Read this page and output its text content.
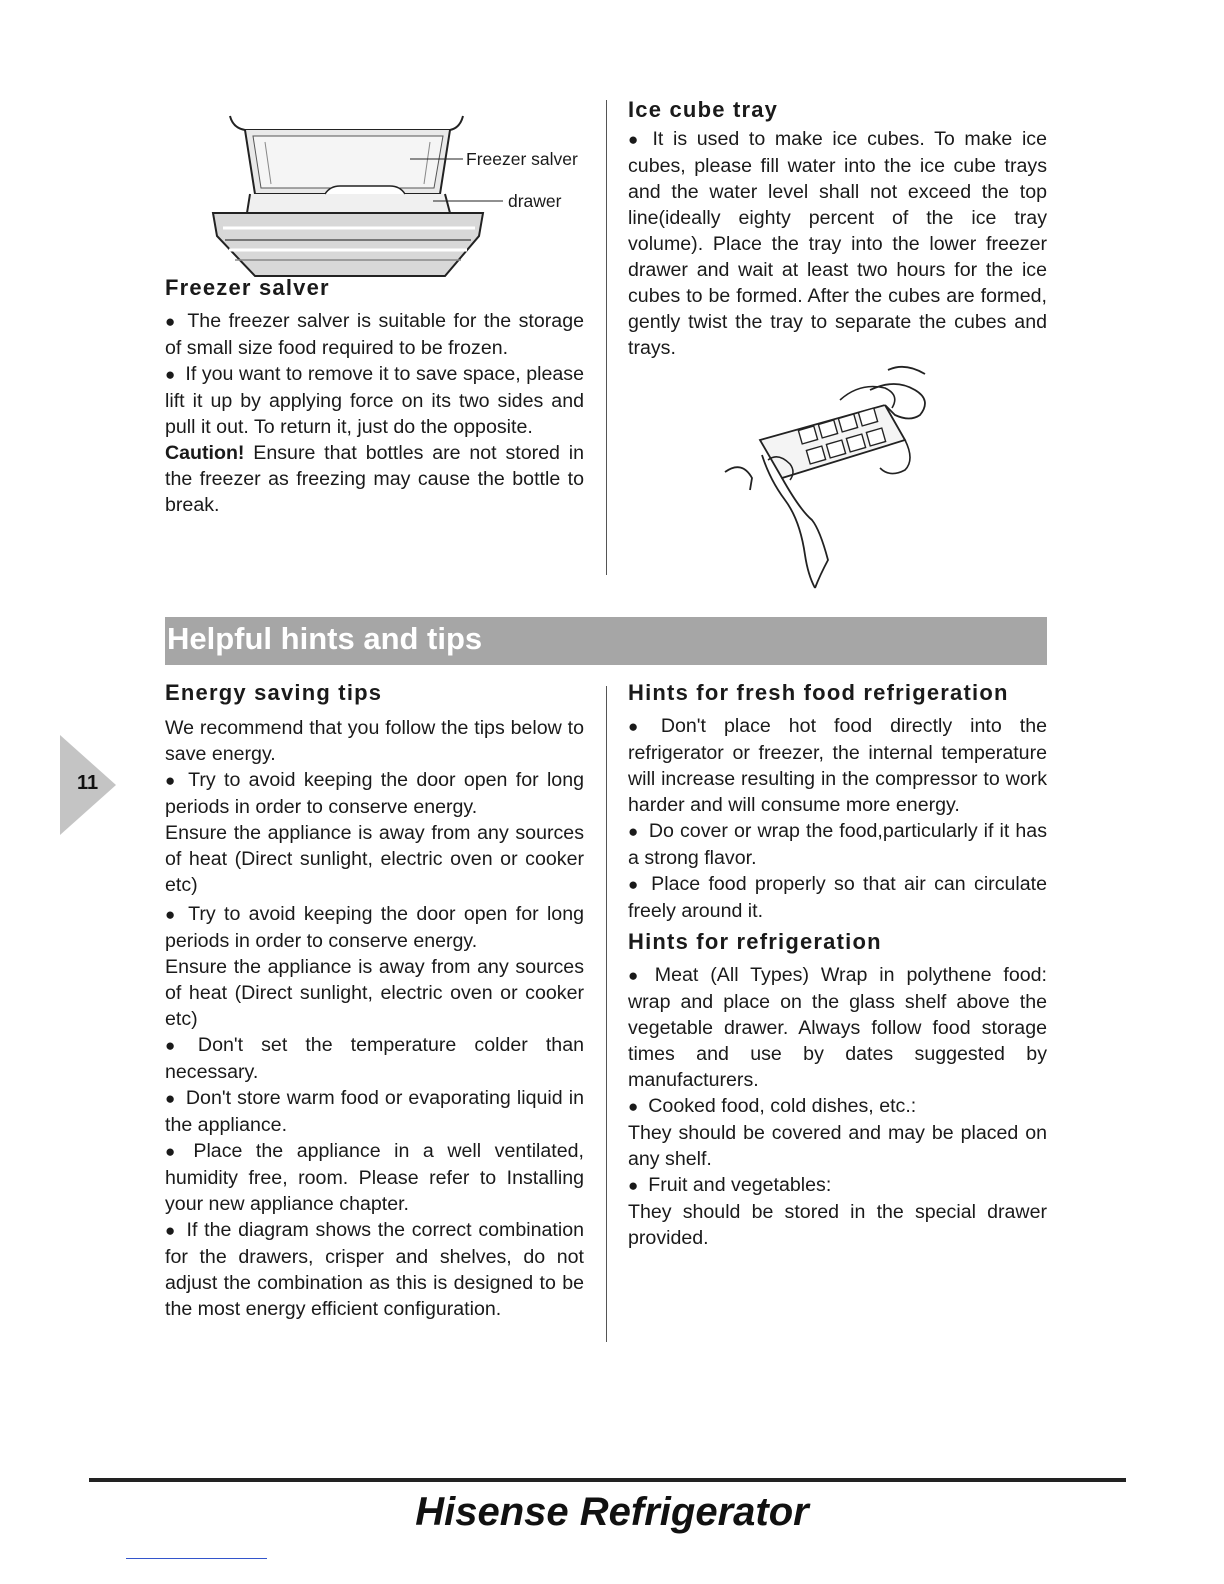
Freezer salver
drawer
Freezer salver

● The freezer salver is suitable for the storage of small size food required to be frozen.

● If you want to remove it to save space, please lift it up by applying force on its two sides and pull it out. To return it, just do the opposite.

Caution! Ensure that bottles are not stored in the freezer as freezing may cause the bottle to break.

Ice cube tray

● It is used to make ice cubes. To make ice cubes, please fill water into the ice cube trays and the water level shall not exceed the top line(ideally eighty percent of the ice tray volume). Place the tray into the lower freezer drawer and wait at least two hours for the ice cubes to be formed. After the cubes are formed, gently twist the tray to separate the cubes and trays.

Helpful hints and tips
11
Energy saving tips

We recommend that you follow the tips below to save energy.

● Try to avoid keeping the door open for long periods in order to conserve energy.

Ensure the appliance is away from any sources of heat (Direct sunlight, electric oven or cooker etc)

● Try to avoid keeping the door open for long periods in order to conserve energy.

Ensure the appliance is away from any sources of heat (Direct sunlight, electric oven or cooker etc)

● Don't set the temperature colder than necessary.

● Don't store warm food or evaporating liquid in the appliance.

● Place the appliance in a well ventilated, humidity free, room. Please refer to Installing your new appliance chapter.

● If the diagram shows the correct combination for the drawers, crisper and shelves, do not adjust the combination as this is designed to be the most energy efficient configuration.

Hints for fresh food refrigeration

● Don't place hot food directly into the refrigerator or freezer, the internal temperature will increase resulting in the compressor to work harder and will consume more energy.

● Do cover or wrap the food,particularly if it has a strong flavor.

● Place food properly so that air can circulate freely around it.

Hints for refrigeration

● Meat (All Types) Wrap in polythene food: wrap and place on the glass shelf above the vegetable drawer. Always follow food storage times and use by dates suggested by manufacturers.

● Cooked food, cold dishes, etc.:

They should be covered and may be placed on any shelf.

● Fruit and vegetables:

They should be stored in the special drawer provided.

Hisense Refrigerator
